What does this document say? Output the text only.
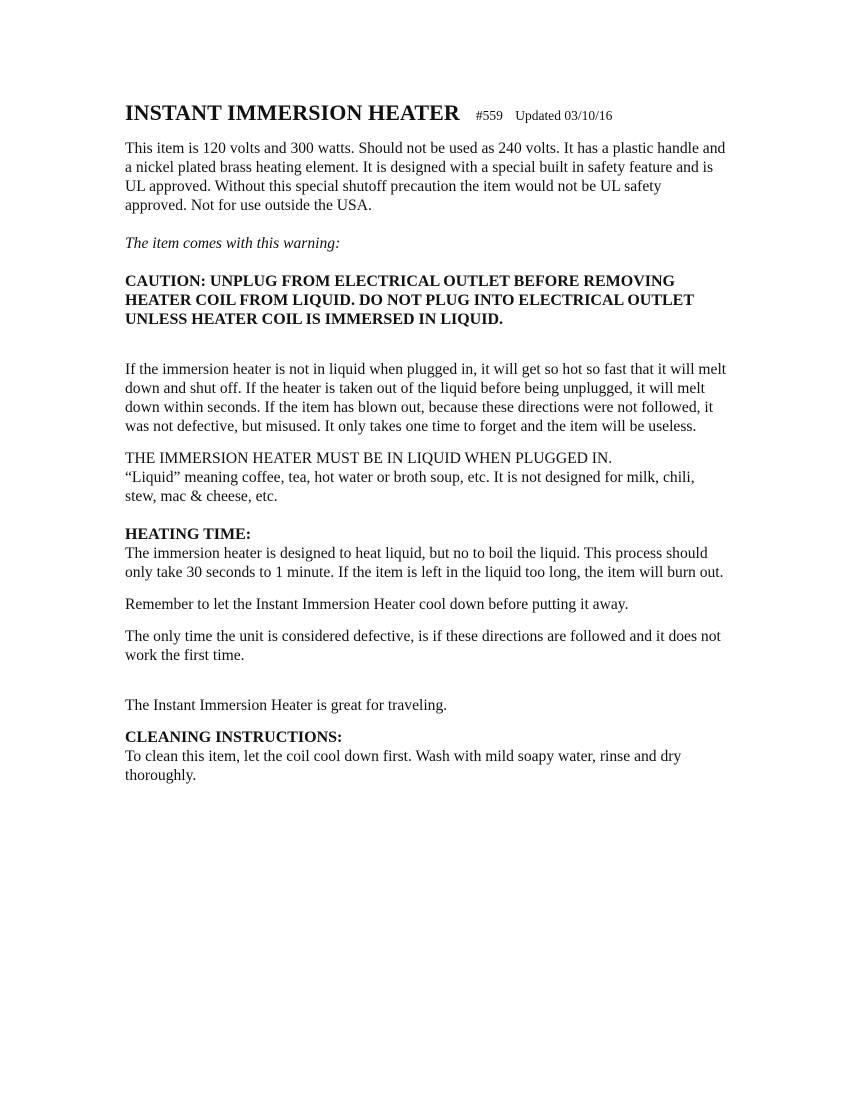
INSTANT IMMERSION HEATER #559 Updated 03/10/16

This item is 120 volts and 300 watts. Should not be used as 240 volts. It has a plastic handle and a nickel plated brass heating element. It is designed with a special built in safety feature and is UL approved. Without this special shutoff precaution the item would not be UL safety approved. Not for use outside the USA.

The item comes with this warning:

CAUTION: UNPLUG FROM ELECTRICAL OUTLET BEFORE REMOVING HEATER COIL FROM LIQUID. DO NOT PLUG INTO ELECTRICAL OUTLET UNLESS HEATER COIL IS IMMERSED IN LIQUID.

If the immersion heater is not in liquid when plugged in, it will get so hot so fast that it will melt down and shut off. If the heater is taken out of the liquid before being unplugged, it will melt down within seconds. If the item has blown out, because these directions were not followed, it was not defective, but misused. It only takes one time to forget and the item will be useless.

THE IMMERSION HEATER MUST BE IN LIQUID WHEN PLUGGED IN.

“Liquid” meaning coffee, tea, hot water or broth soup, etc. It is not designed for milk, chili, stew, mac & cheese, etc.

HEATING TIME:

The immersion heater is designed to heat liquid, but no to boil the liquid. This process should only take 30 seconds to 1 minute. If the item is left in the liquid too long, the item will burn out.

Remember to let the Instant Immersion Heater cool down before putting it away.

The only time the unit is considered defective, is if these directions are followed and it does not work the first time.

The Instant Immersion Heater is great for traveling.

CLEANING INSTRUCTIONS:

To clean this item, let the coil cool down first. Wash with mild soapy water, rinse and dry thoroughly.
